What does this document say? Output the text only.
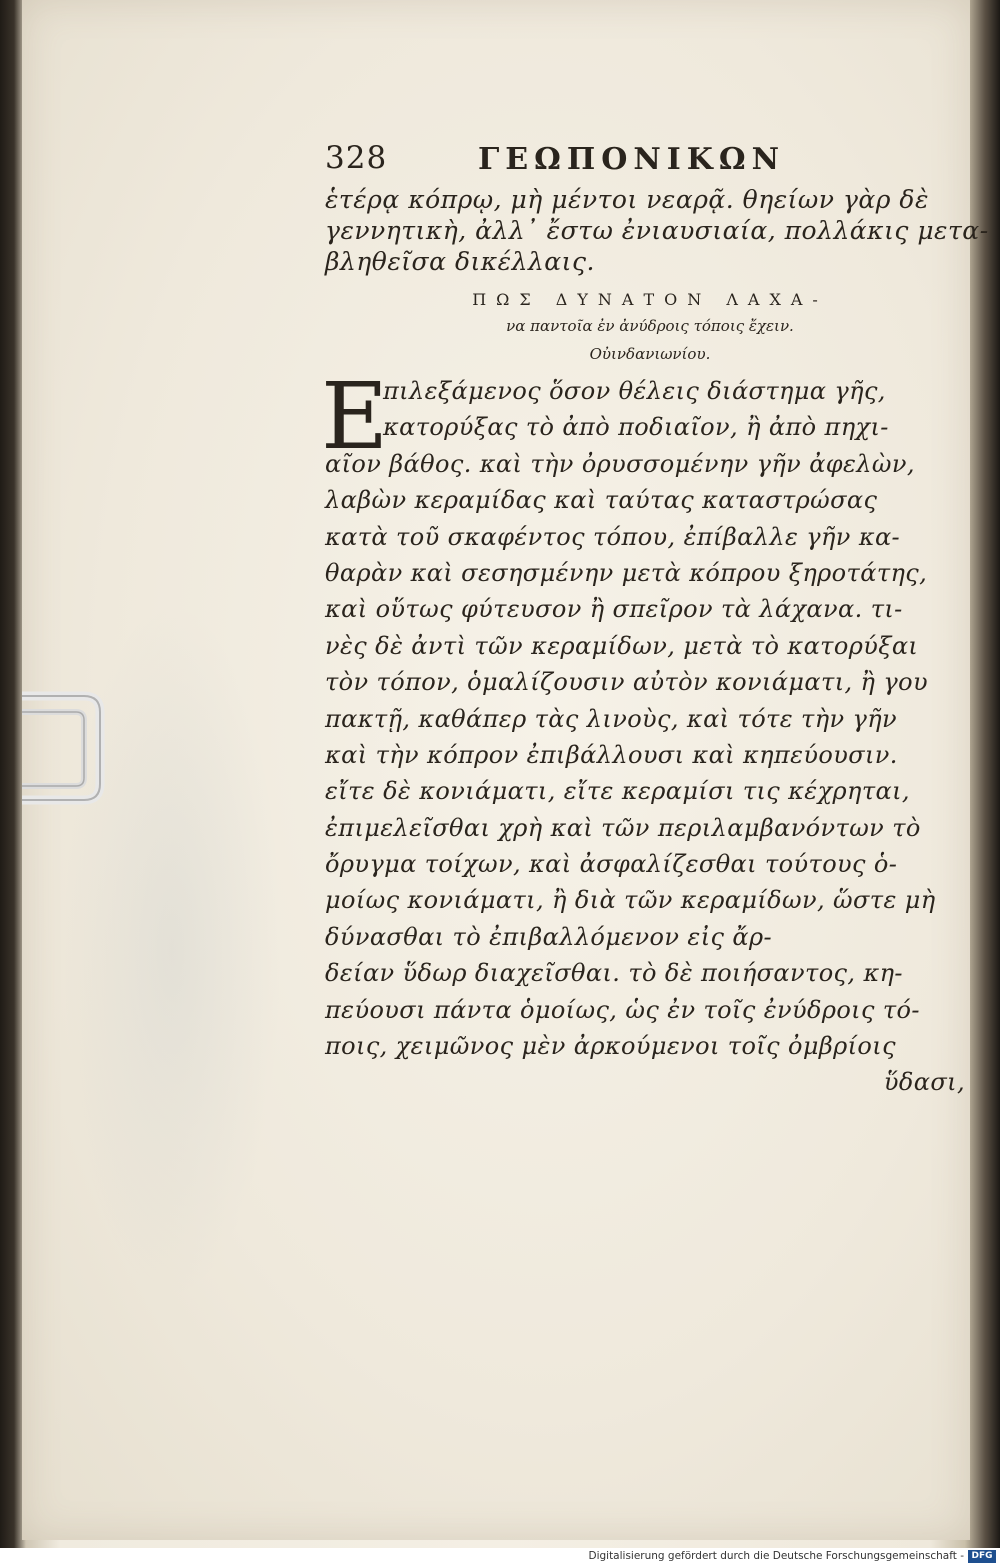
328	ΓΕΩΠΟΝΙΚΩΝ
ἑτέρᾳ κόπρῳ, μὴ μέντοι νεαρᾷ. θηείων γὰρ δὲ
γεννητικὴ, ἀλλ᾽ ἔστω ἐνιαυσιαία, πολλάκις μετα-
βληθεῖσα δικέλλαις.
ΠΩΣ ΔΥΝΑΤΟΝ ΛΑΧΑ-
να παντοῖα ἐν ἀνύδροις τόποις ἔχειν.
Οὐινδανιωνίου.
Ε
πιλεξάμενος ὅσον θέλεις διάστημα γῆς,
κατορύξας τὸ ἀπὸ ποδιαῖον, ἢ ἀπὸ πηχι-
αῖον βάθος. καὶ τὴν ὀρυσσομένην γῆν ἀφελὼν,
λαβὼν κεραμίδας καὶ ταύτας καταστρώσας
κατὰ τοῦ σκαφέντος τόπου, ἐπίβαλλε γῆν κα-
θαρὰν καὶ σεσησμένην μετὰ κόπρου ξηροτάτης,
καὶ οὕτως φύτευσον ἢ σπεῖρον τὰ λάχανα. τι-
νὲς δὲ ἀντὶ τῶν κεραμίδων, μετὰ τὸ κατορύξαι
τὸν τόπον, ὁμαλίζουσιν αὐτὸν κονιάματι, ἢ γου
πακτῇ, καθάπερ τὰς λινοὺς, καὶ τότε τὴν γῆν
καὶ τὴν κόπρον ἐπιβάλλουσι καὶ κηπεύουσιν.
εἴτε δὲ κονιάματι, εἴτε κεραμίσι τις κέχρηται,
ἐπιμελεῖσθαι χρὴ καὶ τῶν περιλαμβανόντων τὸ
ὄρυγμα τοίχων, καὶ ἀσφαλίζεσθαι τούτους ὁ-
μοίως κονιάματι, ἢ διὰ τῶν κεραμίδων, ὥστε μὴ
δύνασθαι τὸ ἐπιβαλλόμενον εἰς ἄρ-
δείαν ὕδωρ διαχεῖσθαι. τὸ δὲ ποιήσαντος, κη-
πεύουσι πάντα ὁμοίως, ὡς ἐν τοῖς ἐνύδροις τό-
ποις, χειμῶνος μὲν ἀρκούμενοι τοῖς ὀμβρίοις
ὕδασι,
Digitalisierung gefördert durch die Deutsche Forschungsgemeinschaft - DFG
